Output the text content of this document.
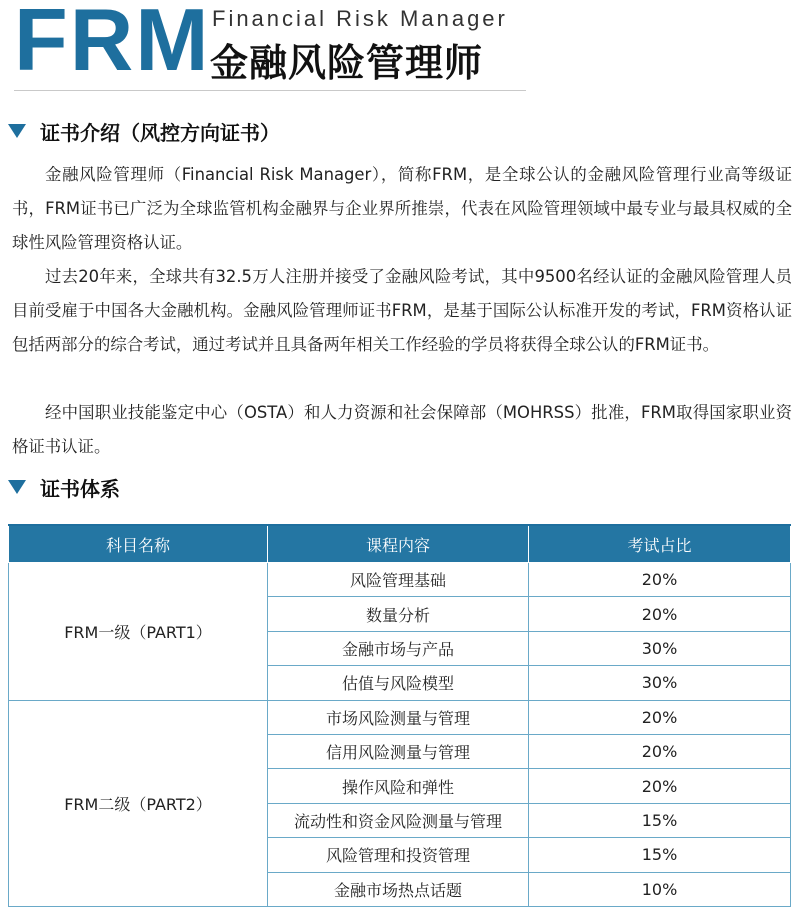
FRM Financial Risk Manager
金融风险管理师
证书介绍（风控方向证书）

金融风险管理师（Financial Risk Manager），简称FRM，是全球公认的金融风险管理行业高等级证书，FRM证书已广泛为全球监管机构金融界与企业界所推崇，代表在风险管理领域中最专业与最具权威的全球性风险管理资格认证。

过去20年来，全球共有32.5万人注册并接受了金融风险考试，其中9500名经认证的金融风险管理人员目前受雇于中国各大金融机构。金融风险管理师证书FRM，是基于国际公认标准开发的考试，FRM资格认证包括两部分的综合考试，通过考试并且具备两年相关工作经验的学员将获得全球公认的FRM证书。

经中国职业技能鉴定中心（OSTA）和人力资源和社会保障部（MOHRSS）批准，FRM取得国家职业资格证书认证。

证书体系
科目名称	课程内容	考试占比
FRM一级（PART1）	风险管理基础	20%
	数量分析	20%
	金融市场与产品	30%
	估值与风险模型	30%
FRM二级（PART2）	市场风险测量与管理	20%
	信用风险测量与管理	20%
	操作风险和弹性	20%
	流动性和资金风险测量与管理	15%
	风险管理和投资管理	15%
	金融市场热点话题	10%
